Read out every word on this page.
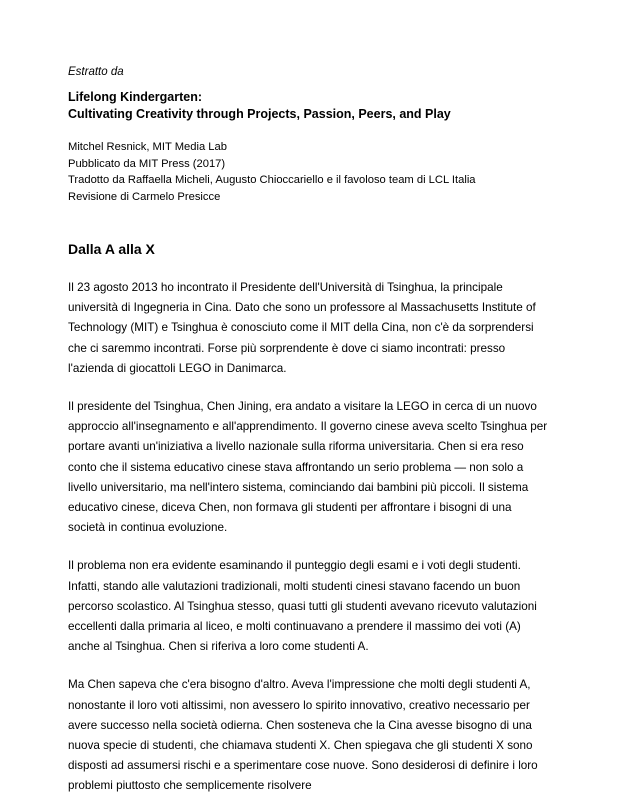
Estratto da

Lifelong Kindergarten:
Cultivating Creativity through Projects, Passion, Peers, and Play
Mitchel Resnick, MIT Media Lab
Pubblicato da MIT Press (2017)
Tradotto da Raffaella Micheli, Augusto Chioccariello e il favoloso team di LCL Italia
Revisione di Carmelo Presicce
Dalla A alla X

Il 23 agosto 2013 ho incontrato il Presidente dell'Università di Tsinghua, la principale università di Ingegneria in Cina. Dato che sono un professore al Massachusetts Institute of Technology (MIT) e Tsinghua è conosciuto come il MIT della Cina, non c'è da sorprendersi che ci saremmo incontrati. Forse più sorprendente è dove ci siamo incontrati: presso l'azienda di giocattoli LEGO in Danimarca.

Il presidente del Tsinghua, Chen Jining, era andato a visitare la LEGO in cerca di un nuovo approccio all'insegnamento e all'apprendimento. Il governo cinese aveva scelto Tsinghua per portare avanti un'iniziativa a livello nazionale sulla riforma universitaria. Chen si era reso conto che il sistema educativo cinese stava affrontando un serio problema — non solo a livello universitario, ma nell'intero sistema, cominciando dai bambini più piccoli. Il sistema educativo cinese, diceva Chen, non formava gli studenti per affrontare i bisogni di una società in continua evoluzione.

Il problema non era evidente esaminando il punteggio degli esami e i voti degli studenti. Infatti, stando alle valutazioni tradizionali, molti studenti cinesi stavano facendo un buon percorso scolastico. Al Tsinghua stesso, quasi tutti gli studenti avevano ricevuto valutazioni eccellenti dalla primaria al liceo, e molti continuavano a prendere il massimo dei voti (A) anche al Tsinghua. Chen si riferiva a loro come studenti A.

Ma Chen sapeva che c'era bisogno d'altro. Aveva l'impressione che molti degli studenti A, nonostante il loro voti altissimi, non avessero lo spirito innovativo, creativo necessario per avere successo nella società odierna. Chen sosteneva che la Cina avesse bisogno di una nuova specie di studenti, che chiamava studenti X. Chen spiegava che gli studenti X sono disposti ad assumersi rischi e a sperimentare cose nuove. Sono desiderosi di definire i loro problemi piuttosto che semplicemente risolvere
